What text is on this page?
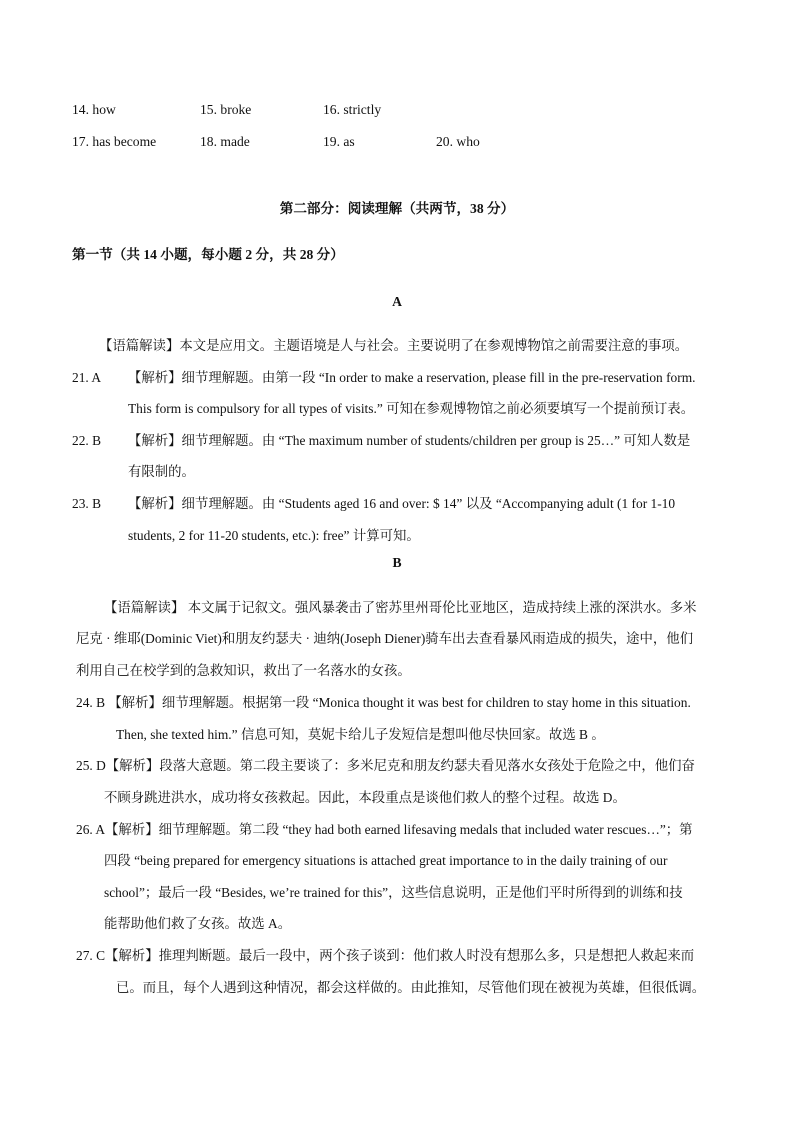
14. how	15. broke	16. strictly
17. has become	18. made	19. as	20. who
第二部分：阅读理解（共两节，38 分）
第一节（共 14 小题，每小题 2 分，共 28 分）
A
【语篇解读】本文是应用文。主题语境是人与社会。主要说明了在参观博物馆之前需要注意的事项。
21. A 【解析】细节理解题。由第一段 “In order to make a reservation, please fill in the pre-reservation form.
This form is compulsory for all types of visits.” 可知在参观博物馆之前必须要填写一个提前预订表。
22. B 【解析】细节理解题。由 “The maximum number of students/children per group is 25…” 可知人数是
有限制的。
23. B 【解析】细节理解题。由 “Students aged 16 and over: $ 14” 以及 “Accompanying adult (1 for 1-10
students, 2 for 11-20 students, etc.): free” 计算可知。
B
【语篇解读】 本文属于记叙文。强风暴袭击了密苏里州哥伦比亚地区，造成持续上涨的深洪水。多米
尼克 · 维耶(Dominic Viet)和朋友约瑟夫 · 迪纳(Joseph Diener)骑车出去查看暴风雨造成的损失，途中，他们
利用自己在校学到的急救知识，救出了一名落水的女孩。
24. B 【解析】细节理解题。根据第一段 “Monica thought it was best for children to stay home in this situation.
Then, she texted him.” 信息可知，莫妮卡给儿子发短信是想叫他尽快回家。故选 B 。
25. D【解析】段落大意题。第二段主要谈了：多米尼克和朋友约瑟夫看见落水女孩处于危险之中，他们奋
不顾身跳进洪水，成功将女孩救起。因此，本段重点是谈他们救人的整个过程。故选 D。
26. A【解析】细节理解题。第二段 “they had both earned lifesaving medals that included water rescues…”；第
四段 “being prepared for emergency situations is attached great importance to in the daily training of our
school”；最后一段 “Besides, we’re trained for this”，这些信息说明，正是他们平时所得到的训练和技
能帮助他们救了女孩。故选 A。
27. C【解析】推理判断题。最后一段中，两个孩子谈到：他们救人时没有想那么多，只是想把人救起来而
已。而且，每个人遇到这种情况，都会这样做的。由此推知，尽管他们现在被视为英雄，但很低调。
